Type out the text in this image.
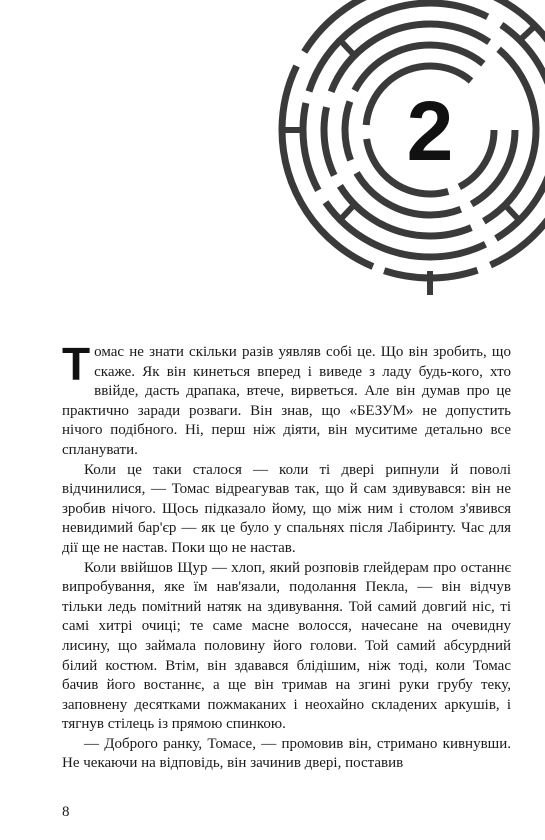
2

Томас не знати скільки разів уявляв собі це. Що він зробить, що скаже. Як він кинеться вперед і виведе з ладу будь-кого, хто ввійде, дасть драпака, втече, вирветься. Але він думав про це практично заради розваги. Він знав, що «БЕЗУМ» не допустить нічого подібного. Ні, перш ніж діяти, він муситиме детально все спланувати.

Коли це таки сталося — коли ті двері рипнули й поволі відчинилися, — Томас відреагував так, що й сам здивувався: він не зробив нічого. Щось підказало йому, що між ним і столом з'явився невидимий бар'єр — як це було у спальнях після Лабіринту. Час для дії ще не настав. Поки що не настав.

Коли ввійшов Щур — хлоп, який розповів глейдерам про останнє випробування, яке їм нав'язали, подолання Пекла, — він відчув тільки ледь помітний натяк на здивування. Той самий довгий ніс, ті самі хитрі очиці; те саме масне волосся, начесане на очевидну лисину, що займала половину його голови. Той самий абсурдний білий костюм. Втім, він здавався блідішим, ніж тоді, коли Томас бачив його востаннє, а ще він тримав на згині руки грубу теку, заповнену десятками пожмаканих і неохайно складених аркушів, і тягнув стілець із прямою спинкою.

— Доброго ранку, Томасе, — промовив він, стримано кивнувши. Не чекаючи на відповідь, він зачинив двері, поставив

8
